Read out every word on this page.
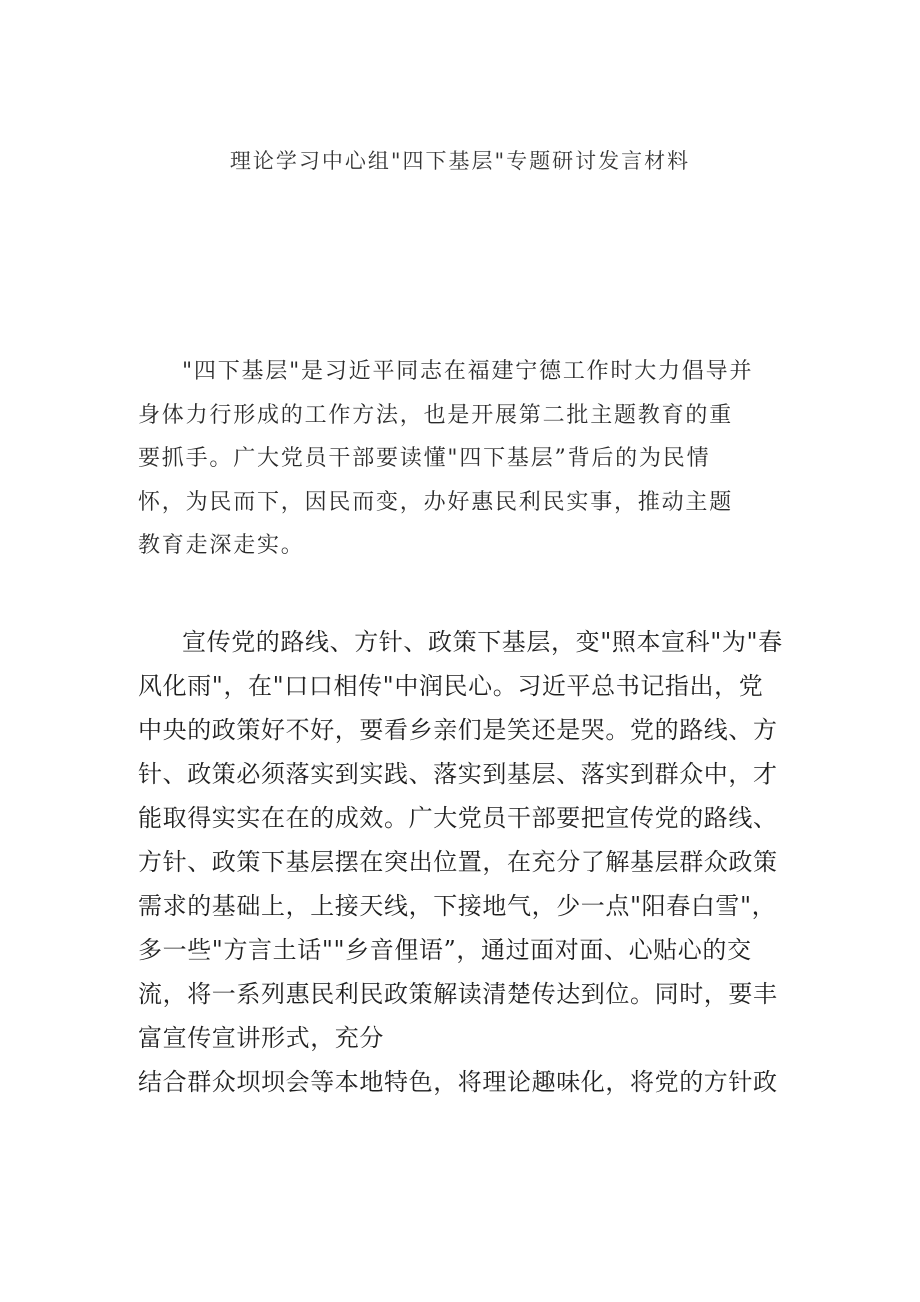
理论学习中心组"四下基层"专题研讨发言材料
"四下基层"是习近平同志在福建宁德工作时大力倡导并
身体力行形成的工作方法，也是开展第二批主题教育的重
要抓手。广大党员干部要读懂"四下基层”背后的为民情
怀，为民而下，因民而变，办好惠民利民实事，推动主题
教育走深走实。
宣传党的路线、方针、政策下基层，变"照本宣科"为"春
风化雨"，在"口口相传"中润民心。习近平总书记指出，党
中央的政策好不好，要看乡亲们是笑还是哭。党的路线、方
针、政策必须落实到实践、落实到基层、落实到群众中，才
能取得实实在在的成效。广大党员干部要把宣传党的路线、
方针、政策下基层摆在突出位置，在充分了解基层群众政策
需求的基础上，上接天线，下接地气，少一点"阳春白雪"，
多一些"方言土话""乡音俚语”，通过面对面、心贴心的交
流，将一系列惠民利民政策解读清楚传达到位。同时，要丰
富宣传宣讲形式，充分
结合群众坝坝会等本地特色，将理论趣味化，将党的方针政
